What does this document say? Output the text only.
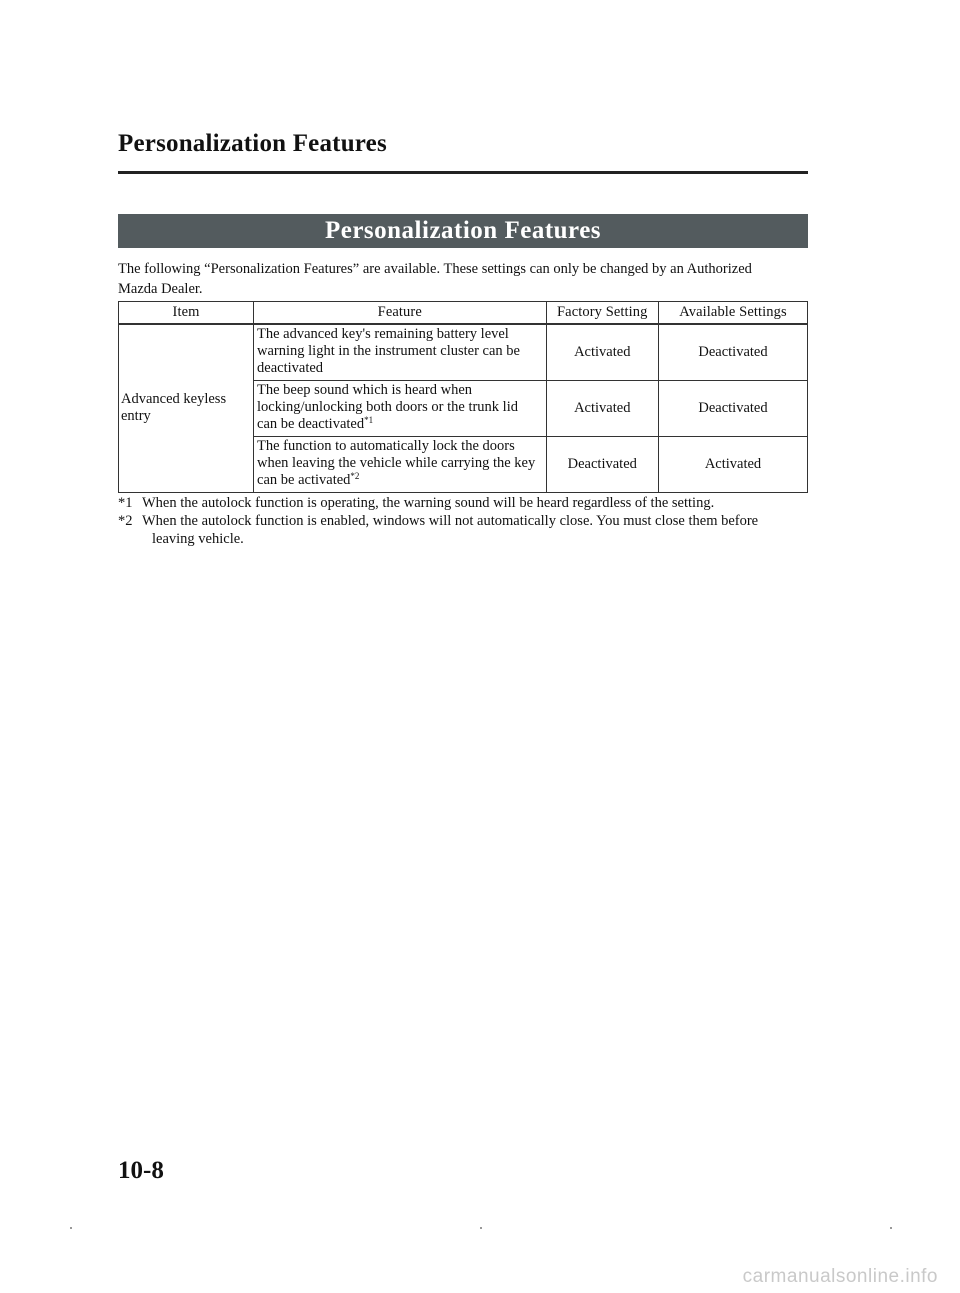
Personalization Features
Personalization Features
The following “Personalization Features” are available. These settings can only be changed by an Authorized
Mazda Dealer.
Item	Feature	Factory Setting	Available Settings
Advanced keyless
entry	The advanced key's remaining battery level
warning light in the instrument cluster can be
deactivated	Activated	Deactivated
	The beep sound which is heard when
locking/unlocking both doors or the trunk lid
can be deactivated$^{*1}$	Activated	Deactivated
	The function to automatically lock the doors
when leaving the vehicle while carrying the key
can be activated$^{*2}$	Deactivated	Activated
*1 When the autolock function is operating, the warning sound will be heard regardless of the setting.
*2 When the autolock function is enabled, windows will not automatically close. You must close them before
leaving vehicle.
10-8
carmanualsonline.info
